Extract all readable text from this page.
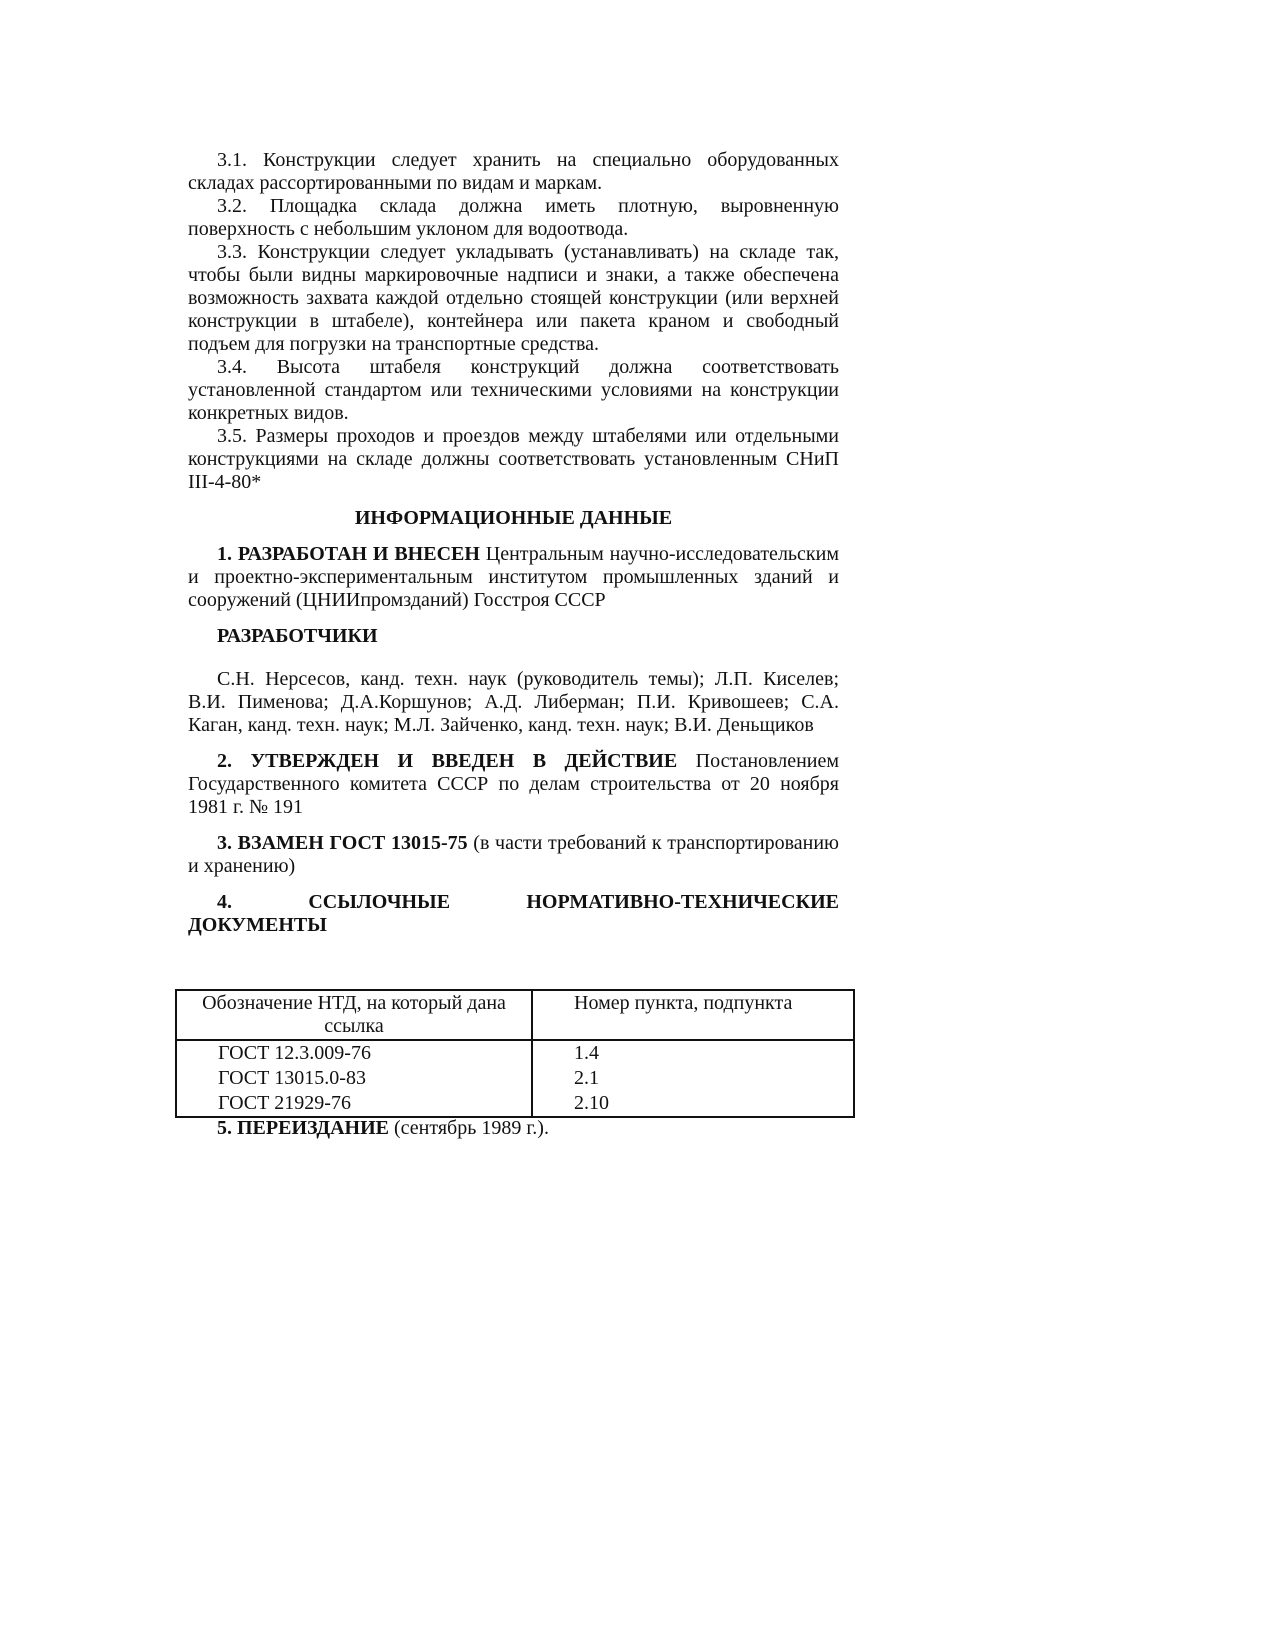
3.1. Конструкции следует хранить на специально оборудованных складах рассортированными по видам и маркам.

3.2. Площадка склада должна иметь плотную, выровненную поверхность с небольшим уклоном для водоотвода.

3.3. Конструкции следует укладывать (устанавливать) на складе так, чтобы были видны маркировочные надписи и знаки, а также обеспечена возможность захвата каждой отдельно стоящей конструкции (или верхней конструкции в штабеле), контейнера или пакета краном и свободный подъем для погрузки на транспортные средства.

3.4. Высота штабеля конструкций должна соответствовать установленной стандартом или техническими условиями на конструкции конкретных видов.

3.5. Размеры проходов и проездов между штабелями или отдельными конструкциями на складе должны соответствовать установленным СНиП III-4-80*

ИНФОРМАЦИОННЫЕ ДАННЫЕ

1. РАЗРАБОТАН И ВНЕСЕН Центральным научно-исследовательским и проектно-экспериментальным институтом промышленных зданий и сооружений (ЦНИИпромзданий) Госстроя СССР

РАЗРАБОТЧИКИ

С.Н. Нерсесов, канд. техн. наук (руководитель темы); Л.П. Киселев; В.И. Пименова; Д.А.Коршунов; А.Д. Либерман; П.И. Кривошеев; С.А. Каган, канд. техн. наук; М.Л. Зайченко, канд. техн. наук; В.И. Деньщиков

2. УТВЕРЖДЕН И ВВЕДЕН В ДЕЙСТВИЕ Постановлением Государственного комитета СССР по делам строительства от 20 ноября 1981 г. № 191

3. ВЗАМЕН ГОСТ 13015-75 (в части требований к транспортированию и хранению)

4. ССЫЛОЧНЫЕ НОРМАТИВНО-ТЕХНИЧЕСКИЕ ДОКУМЕНТЫ

Обозначение НТД, на который дана ссылка	Номер пункта, подпункта
ГОСТ 12.3.009-76	1.4
ГОСТ 13015.0-83	2.1
ГОСТ 21929-76	2.10

5. ПЕРЕИЗДАНИЕ (сентябрь 1989 г.).
